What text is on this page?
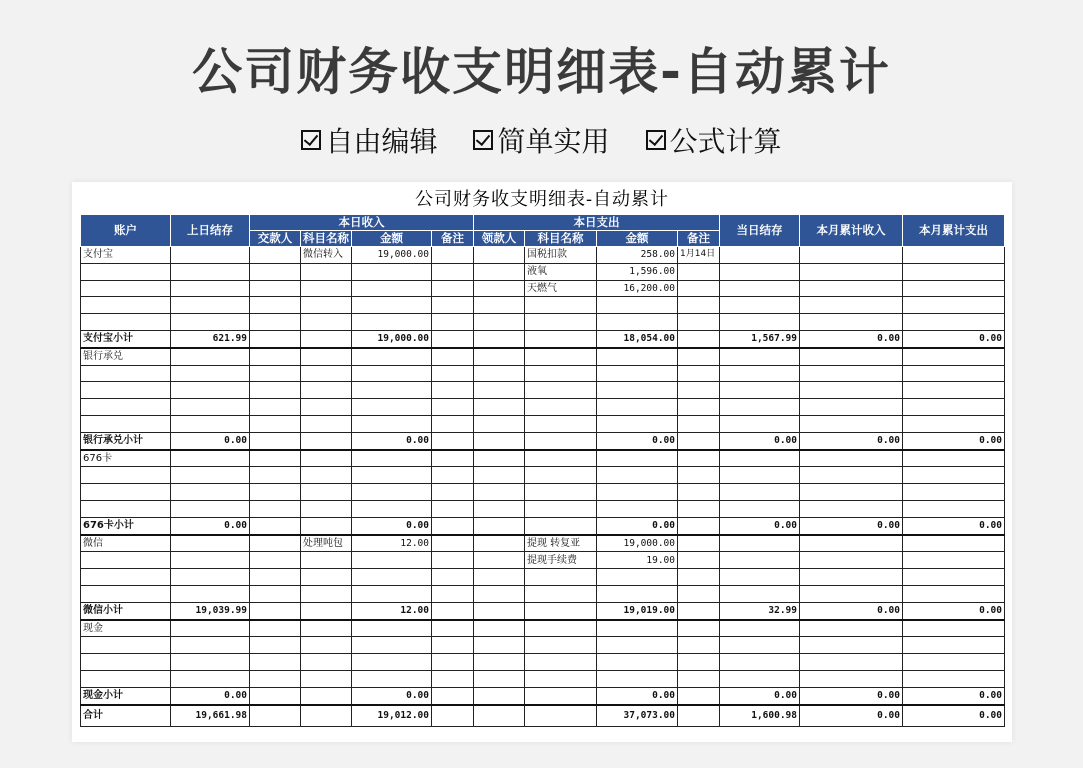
公司财务收支明细表-自动累计
自由编辑 简单实用 公式计算
公司财务收支明细表-自动累计
账户	上日结存	本日收入				本日支出				当日结存	本月累计收入	本月累计支出
		交款人	科目名称	金额	备注	领款人	科目名称	金额	备注			
支付宝			微信转入	19,000.00			国税扣款	258.00	1月14日			
							液氧	1,596.00				
							天燃气	16,200.00				

支付宝小计	621.99			19,000.00				18,054.00		1,567.99	0.00	0.00
银行承兑												

银行承兑小计	0.00			0.00				0.00		0.00	0.00	0.00
676卡												

676卡小计	0.00			0.00				0.00		0.00	0.00	0.00
微信			处理吨包	12.00			提现 转复亚	19,000.00				
							提现手续费	19.00				

微信小计	19,039.99			12.00				19,019.00		32.99	0.00	0.00
现金												

现金小计	0.00			0.00				0.00		0.00	0.00	0.00
合计	19,661.98			19,012.00				37,073.00		1,600.98	0.00	0.00
